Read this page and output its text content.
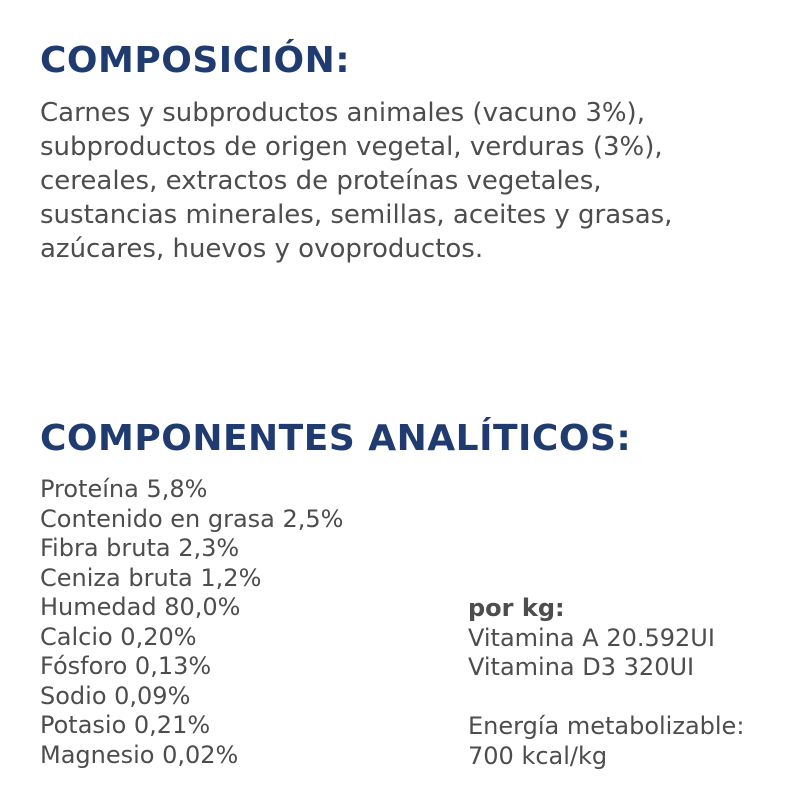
COMPOSICIÓN:

Carnes y subproductos animales (vacuno 3%),
subproductos de origen vegetal, verduras (3%),
cereales, extractos de proteínas vegetales,
sustancias minerales, semillas, aceites y grasas,
azúcares, huevos y ovoproductos.

COMPONENTES ANALÍTICOS:
Proteína 5,8%
Contenido en grasa 2,5%
Fibra bruta 2,3%
Ceniza bruta 1,2%
Humedad 80,0%
Calcio 0,20%
Fósforo 0,13%
Sodio 0,09%
Potasio 0,21%
Magnesio 0,02%
por kg:
Vitamina A 20.592UI
Vitamina D3 320UI
Energía metabolizable:
700 kcal/kg
